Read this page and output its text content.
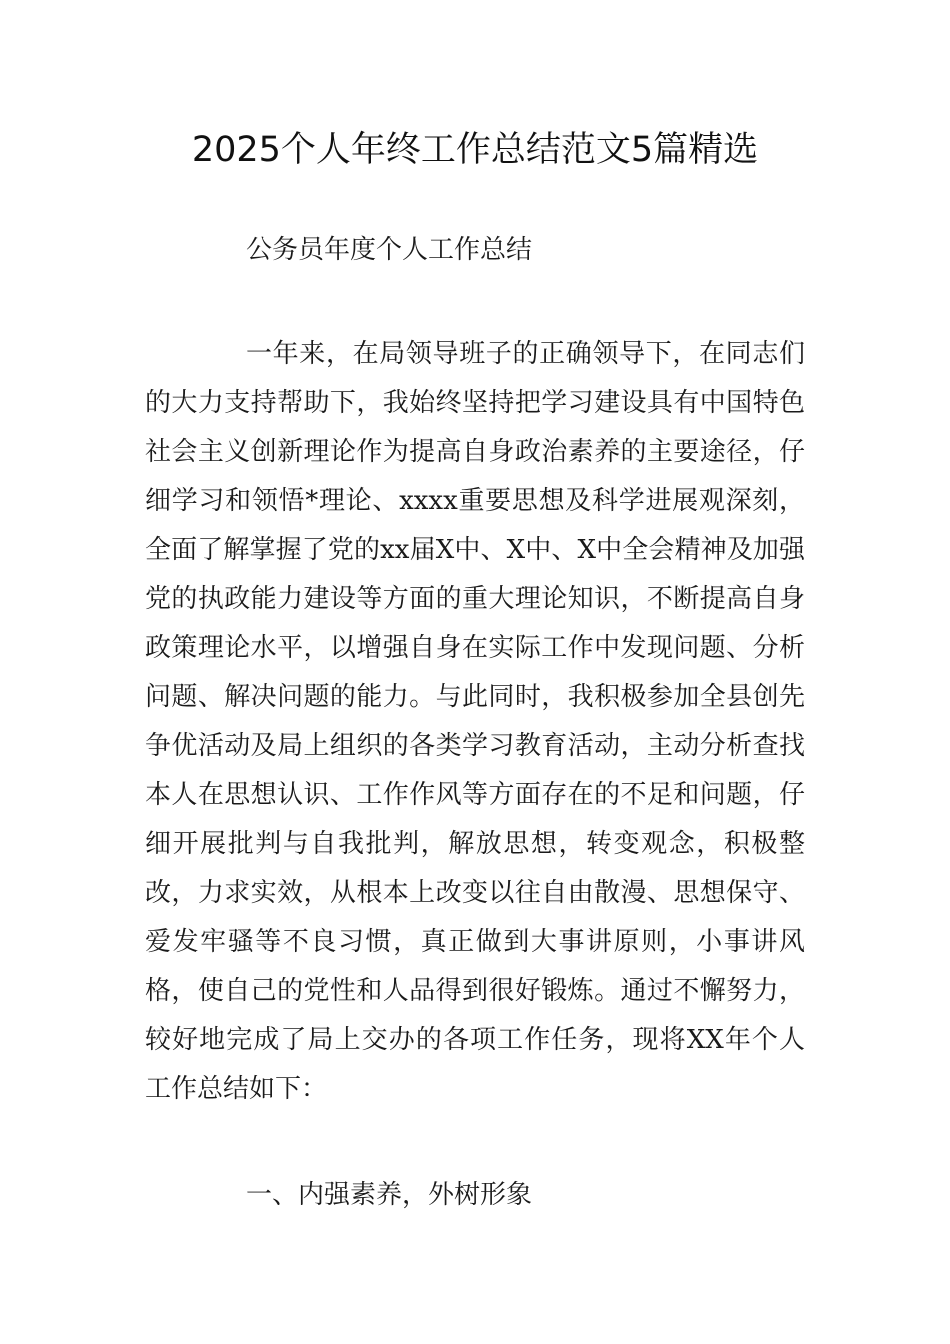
2025个人年终工作总结范文5篇精选

公务员年度个人工作总结

一年来，在局领导班子的正确领导下，在同志们的大力支持帮助下，我始终坚持把学习建设具有中国特色社会主义创新理论作为提高自身政治素养的主要途径，仔细学习和领悟*理论、xxxx重要思想及科学进展观深刻，全面了解掌握了党的xx届X中、X中、X中全会精神及加强党的执政能力建设等方面的重大理论知识，不断提高自身政策理论水平，以增强自身在实际工作中发现问题、分析问题、解决问题的能力。与此同时，我积极参加全县创先争优活动及局上组织的各类学习教育活动，主动分析查找本人在思想认识、工作作风等方面存在的不足和问题，仔细开展批判与自我批判，解放思想，转变观念，积极整改，力求实效，从根本上改变以往自由散漫、思想保守、爱发牢骚等不良习惯，真正做到大事讲原则，小事讲风格，使自己的党性和人品得到很好锻炼。通过不懈努力，较好地完成了局上交办的各项工作任务，现将XX年个人工作总结如下：

一、内强素养，外树形象
